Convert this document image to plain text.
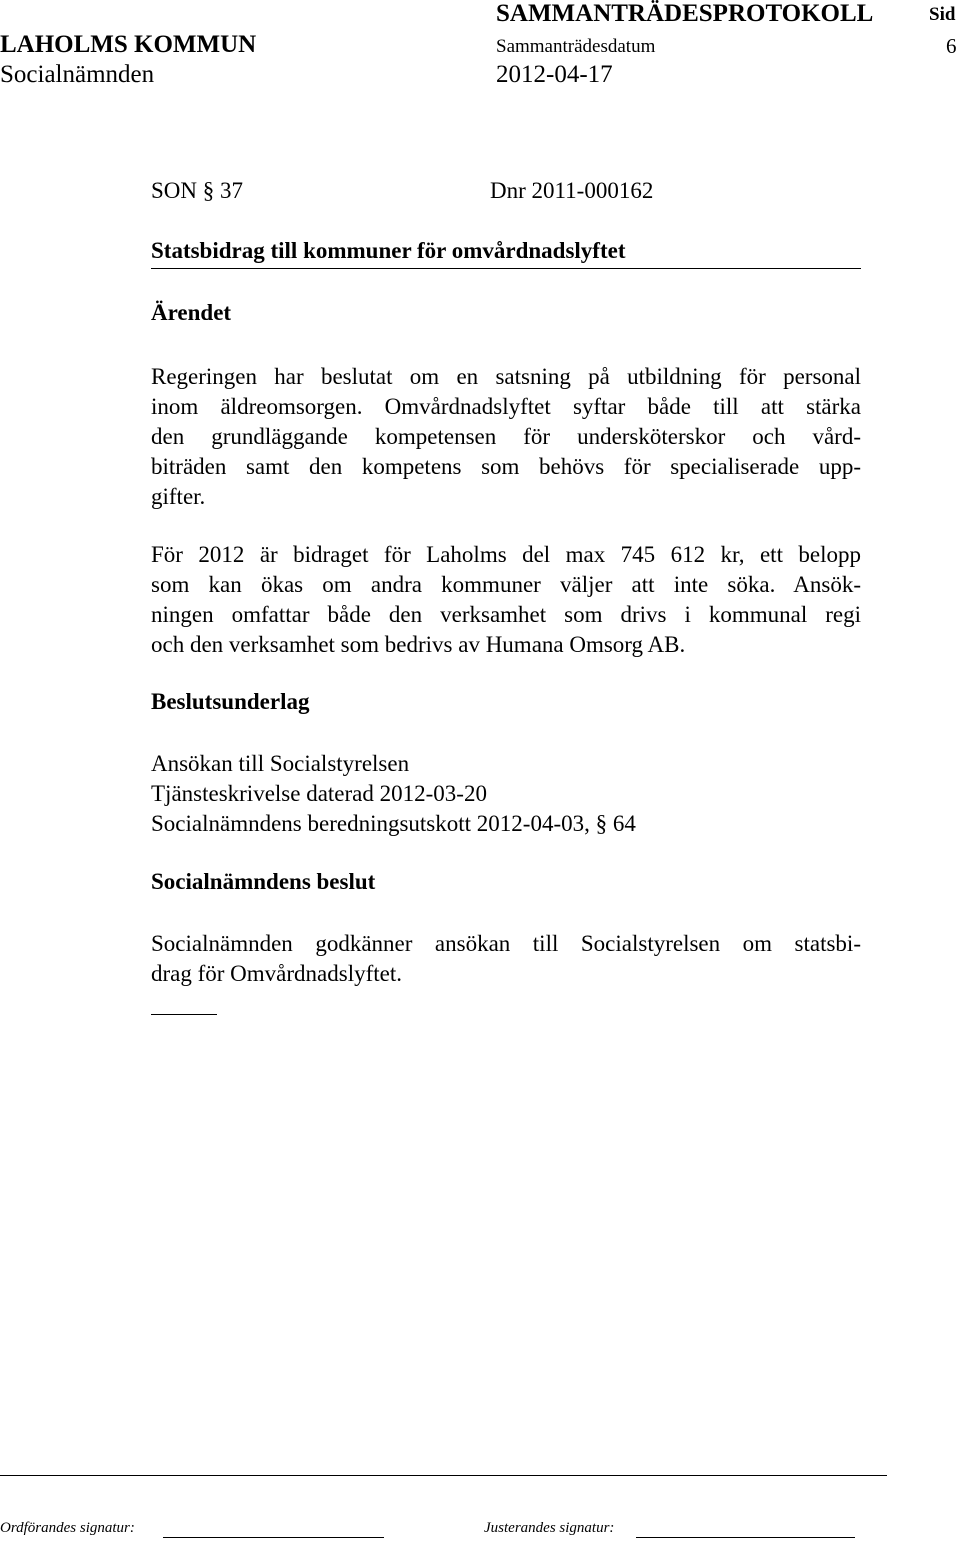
SAMMANTRÄDESPROTOKOLL	Sid
LAHOLMS KOMMUN	Sammanträdesdatum	6
Socialnämnden	2012-04-17
SON § 37	Dnr 2011-000162
Statsbidrag till kommuner för omvårdnadslyftet
Ärendet
Regeringen har beslutat om en satsning på utbildning för personal
inom äldreomsorgen. Omvårdnadslyftet syftar både till att stärka
den grundläggande kompetensen för undersköterskor och vård-
biträden samt den kompetens som behövs för specialiserade upp-
gifter.
För 2012 är bidraget för Laholms del max 745 612 kr, ett belopp
som kan ökas om andra kommuner väljer att inte söka. Ansök-
ningen omfattar både den verksamhet som drivs i kommunal regi
och den verksamhet som bedrivs av Humana Omsorg AB.
Beslutsunderlag
Ansökan till Socialstyrelsen
Tjänsteskrivelse daterad 2012-03-20
Socialnämndens beredningsutskott 2012-04-03, § 64
Socialnämndens beslut
Socialnämnden godkänner ansökan till Socialstyrelsen om statsbi-
drag för Omvårdnadslyftet.
Ordförandes signatur:	Justerandes signatur:
